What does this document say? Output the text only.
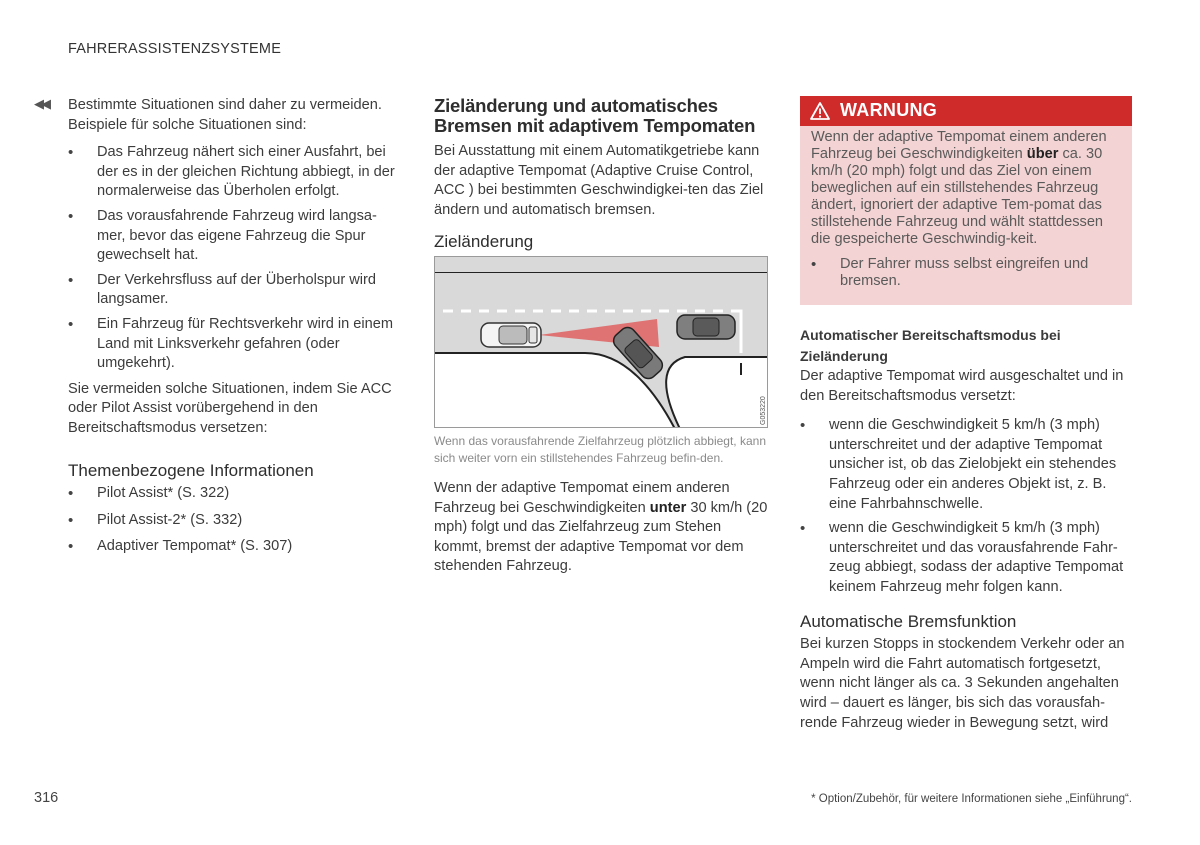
FAHRERASSISTENZSYSTEME
◀◀ Bestimmte Situationen sind daher zu vermeiden. Beispiele für solche Situationen sind:

• Das Fahrzeug nähert sich einer Ausfahrt, bei der es in der gleichen Richtung abbiegt, in der normalerweise das Überholen erfolgt.
• Das vorausfahrende Fahrzeug wird langsa-mer, bevor das eigene Fahrzeug die Spur gewechselt hat.
• Der Verkehrsfluss auf der Überholspur wird langsamer.
• Ein Fahrzeug für Rechtsverkehr wird in einem Land mit Linksverkehr gefahren (oder umgekehrt).

Sie vermeiden solche Situationen, indem Sie ACC oder Pilot Assist vorübergehend in den Bereitschaftsmodus versetzen:

Themenbezogene Informationen
• Pilot Assist* (S. 322)
• Pilot Assist-2* (S. 332)
• Adaptiver Tempomat* (S. 307)
Zieländerung und automatisches Bremsen mit adaptivem Tempomaten

Bei Ausstattung mit einem Automatikgetriebe kann der adaptive Tempomat (Adaptive Cruise Control, ACC ) bei bestimmten Geschwindigkei-ten das Ziel ändern und automatisch bremsen.

Zieländerung
G053220

Wenn das vorausfahrende Zielfahrzeug plötzlich abbiegt, kann sich weiter vorn ein stillstehendes Fahrzeug befin-den.

Wenn der adaptive Tempomat einem anderen Fahrzeug bei Geschwindigkeiten unter 30 km/h (20 mph) folgt und das Zielfahrzeug zum Stehen kommt, bremst der adaptive Tempomat vor dem stehenden Fahrzeug.

WARNUNG

Wenn der adaptive Tempomat einem anderen Fahrzeug bei Geschwindigkeiten über ca. 30 km/h (20 mph) folgt und das Ziel von einem beweglichen auf ein stillstehendes Fahrzeug ändert, ignoriert der adaptive Tem-pomat das stillstehende Fahrzeug und wählt stattdessen die gespeicherte Geschwindig-keit.

• Der Fahrer muss selbst eingreifen und bremsen.
Automatischer Bereitschaftsmodus bei Zieländerung

Der adaptive Tempomat wird ausgeschaltet und in den Bereitschaftsmodus versetzt:

• wenn die Geschwindigkeit 5 km/h (3 mph) unterschreitet und der adaptive Tempomat unsicher ist, ob das Zielobjekt ein stehendes Fahrzeug oder ein anderes Objekt ist, z. B. eine Fahrbahnschwelle.
• wenn die Geschwindigkeit 5 km/h (3 mph) unterschreitet und das vorausfahrende Fahr-zeug abbiegt, sodass der adaptive Tempomat keinem Fahrzeug mehr folgen kann.
Automatische Bremsfunktion

Bei kurzen Stopps in stockendem Verkehr oder an Ampeln wird die Fahrt automatisch fortgesetzt, wenn nicht länger als ca. 3 Sekunden angehalten wird – dauert es länger, bis sich das vorausfah-rende Fahrzeug wieder in Bewegung setzt, wird

316	* Option/Zubehör, für weitere Informationen siehe „Einführung“.
